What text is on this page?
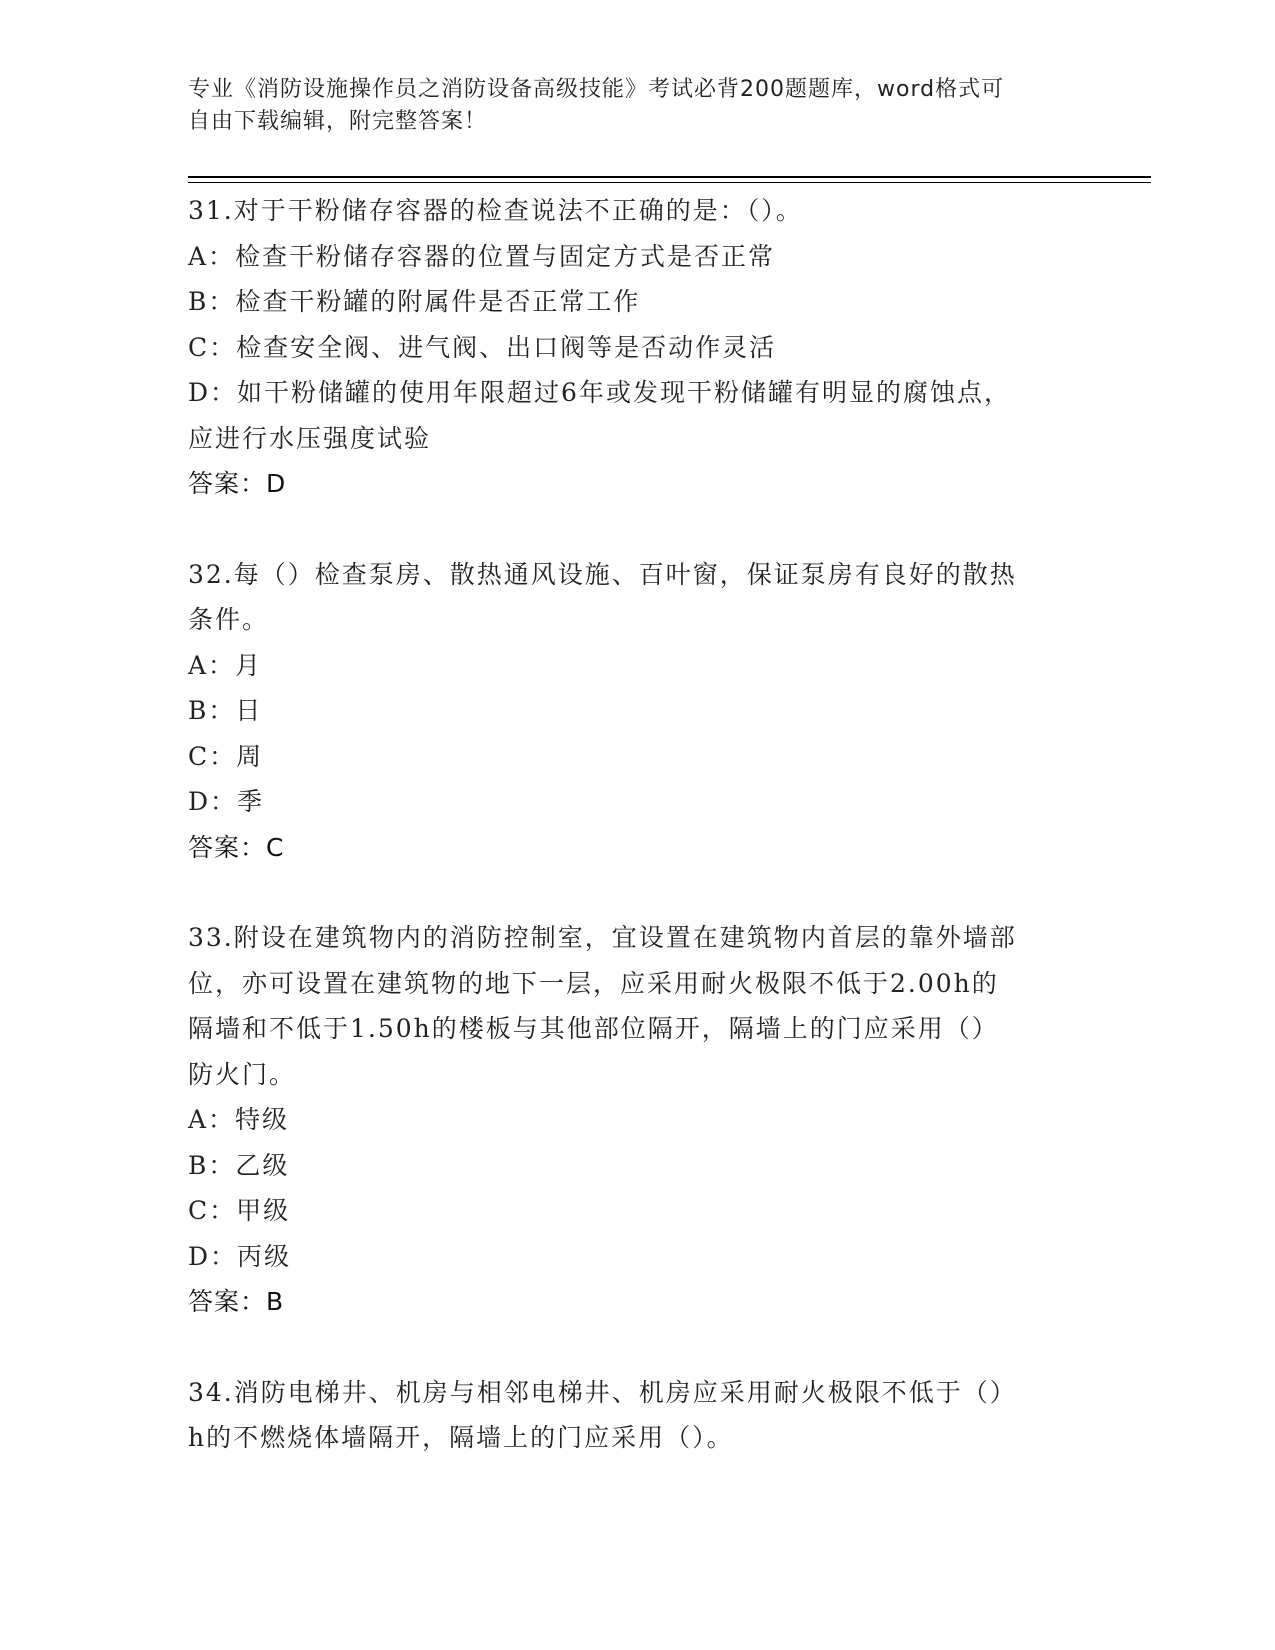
专业《消防设施操作员之消防设备高级技能》考试必背200题题库，word格式可
自由下载编辑，附完整答案！
31.对于干粉储存容器的检查说法不正确的是：（）。
A：检查干粉储存容器的位置与固定方式是否正常
B：检查干粉罐的附属件是否正常工作
C：检查安全阀、进气阀、出口阀等是否动作灵活
D：如干粉储罐的使用年限超过6年或发现干粉储罐有明显的腐蚀点，
应进行水压强度试验
答案：D
32.每（）检查泵房、散热通风设施、百叶窗，保证泵房有良好的散热
条件。
A：月
B：日
C：周
D：季
答案：C
33.附设在建筑物内的消防控制室，宜设置在建筑物内首层的靠外墙部
位，亦可设置在建筑物的地下一层，应采用耐火极限不低于2.00h的
隔墙和不低于1.50h的楼板与其他部位隔开，隔墙上的门应采用（）
防火门。
A：特级
B：乙级
C：甲级
D：丙级
答案：B
34.消防电梯井、机房与相邻电梯井、机房应采用耐火极限不低于（）
h的不燃烧体墙隔开，隔墙上的门应采用（）。
